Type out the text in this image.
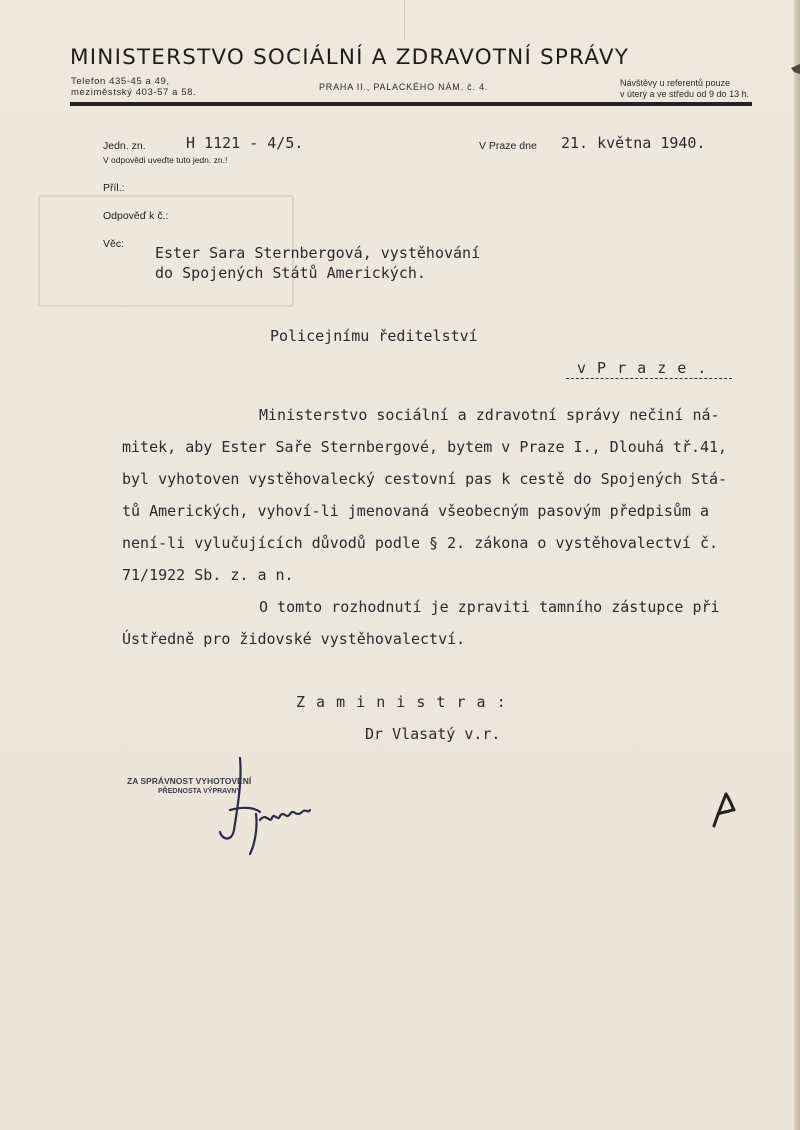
MINISTERSTVO SOCIÁLNÍ A ZDRAVOTNÍ SPRÁVY
Telefon 435-45 a 49,
meziměstský 403-57 a 58.	PRAHA II., PALACKÉHO NÁM. č. 4.	Návštěvy u referentů pouze
v úterý a ve středu od 9 do 13 h.
Jedn. zn.	H 1121 - 4/5.
V odpovědi uveďte tuto jedn. zn.!
V Praze dne 21. května 1940.
Příl.:
Odpověď k č.:
Věc: Ester Sara Sternbergová, vystěhování
do Spojených Států Amerických.
Policejnímu ředitelství
v P r a z e .
Ministerstvo sociální a zdravotní správy nečiní ná-
mitek, aby Ester Saře Sternbergové, bytem v Praze I., Dlouhá tř.41,
byl vyhotoven vystěhovalecký cestovní pas k cestě do Spojených Stá-
tů Amerických, vyhoví-li jmenovaná všeobecným pasovým předpisům a
není-li vylučujících důvodů podle § 2. zákona o vystěhovalectví č.
71/1922 Sb. z. a n.
O tomto rozhodnutí je zpraviti tamního zástupce při
Ústředně pro židovské vystěhovalectví.
Z a m i n i s t r a :
Dr Vlasatý v.r.
ZA SPRÁVNOST VYHOTOVENÍ
PŘEDNOSTA VÝPRAVNY
